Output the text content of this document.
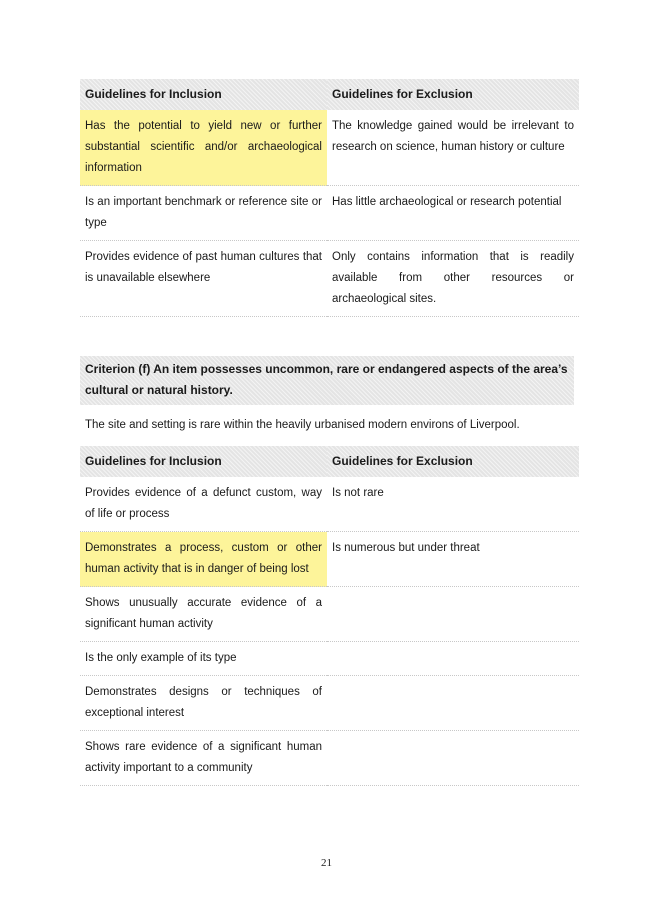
Guidelines for Inclusion	Guidelines for Exclusion
Has the potential to yield new or further substantial scientific and/or archaeological information	The knowledge gained would be irrelevant to research on science, human history or culture
Is an important benchmark or reference site or type	Has little archaeological or research potential
Provides evidence of past human cultures that is unavailable elsewhere	Only contains information that is readily available from other resources or archaeological sites.
Criterion (f) An item possesses uncommon, rare or endangered aspects of the area’s cultural or natural history.
The site and setting is rare within the heavily urbanised modern environs of Liverpool.
Guidelines for Inclusion	Guidelines for Exclusion
Provides evidence of a defunct custom, way of life or process	Is not rare
Demonstrates a process, custom or other human activity that is in danger of being lost	Is numerous but under threat
Shows unusually accurate evidence of a significant human activity	
Is the only example of its type	
Demonstrates designs or techniques of exceptional interest	
Shows rare evidence of a significant human activity important to a community	
21
